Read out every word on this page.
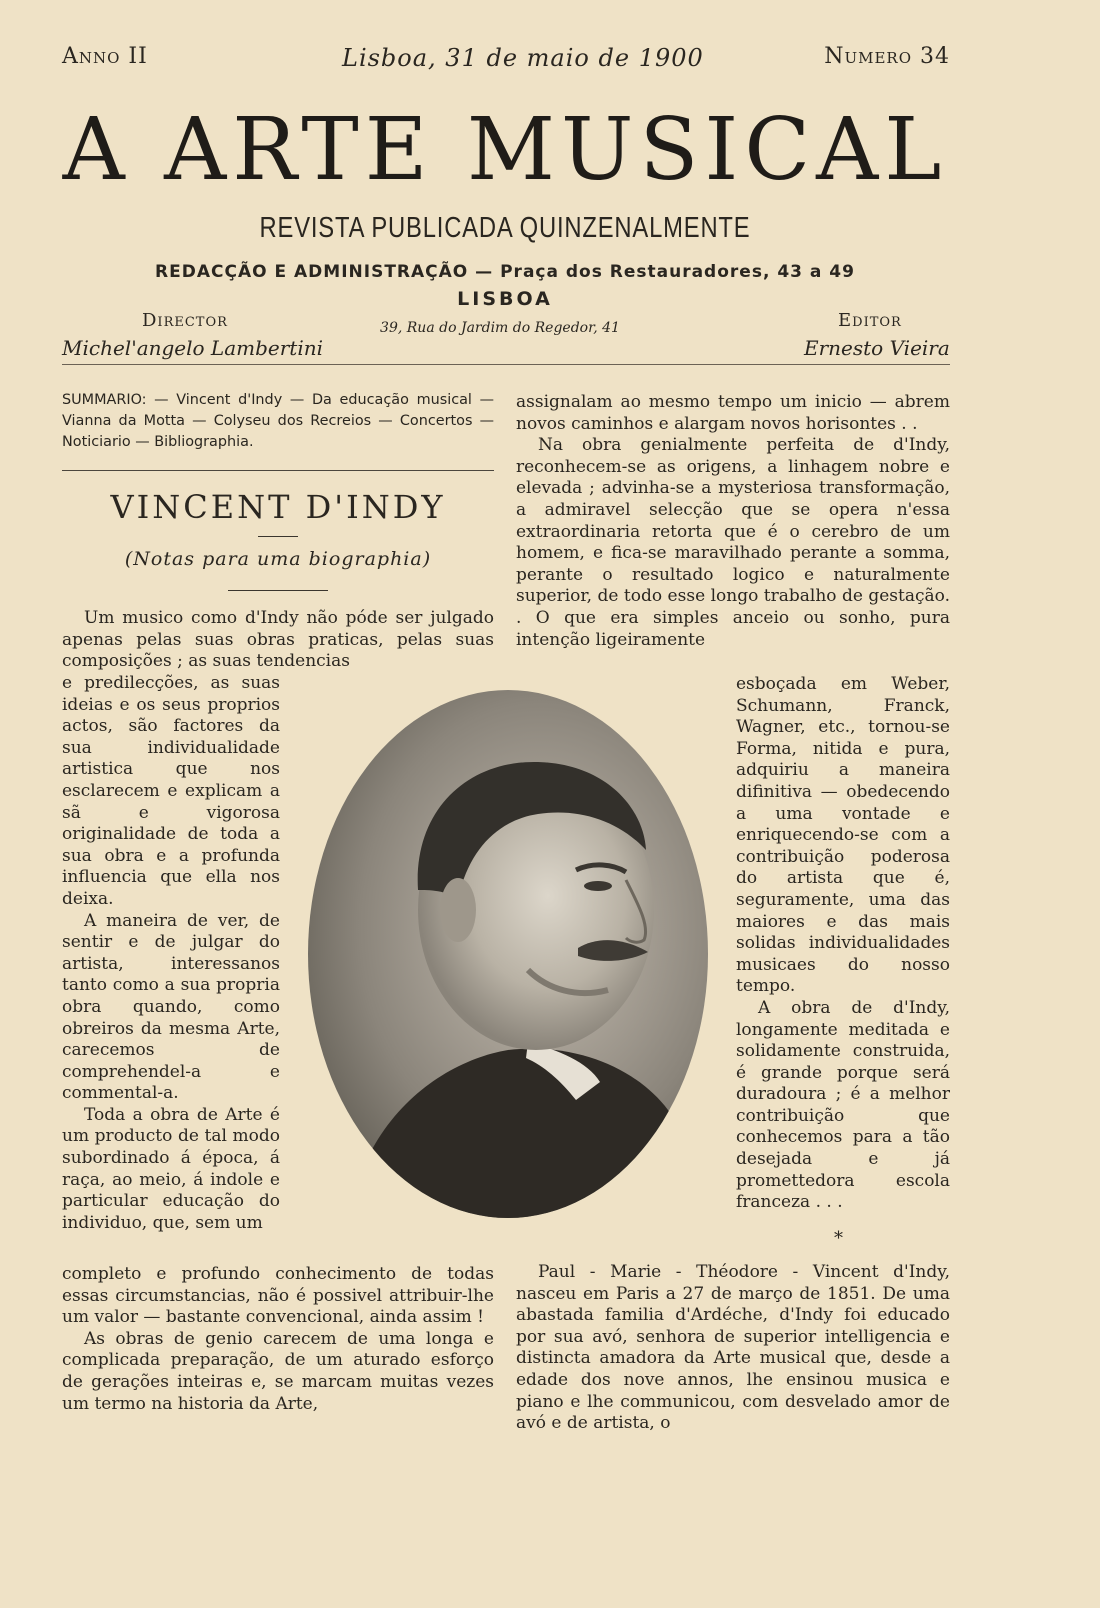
Anno II	Lisboa, 31 de maio de 1900	Numero 34
A ARTE MUSICAL
REVISTA PUBLICADA QUINZENALMENTE
REDACÇÃO E ADMINISTRAÇÃO — Praça dos Restauradores, 43 a 49
LISBOA
39, Rua do Jardim do Regedor, 41
Director
Michel'angelo Lambertini
Editor
Ernesto Vieira
SUMMARIO: — Vincent d'Indy — Da educação musical — Vianna da Motta — Colyseu dos Recreios — Concertos — Noticiario — Bibliographia.
VINCENT D'INDY
(Notas para uma biographia)

Um musico como d'Indy não póde ser julgado apenas pelas suas obras praticas, pelas suas composições ; as suas tendencias

e predilecções, as suas ideias e os seus proprios actos, são factores da sua individualidade artistica que nos esclarecem e explicam a sã e vigorosa originalidade de toda a sua obra e a profunda influencia que ella nos deixa.

A maneira de ver, de sentir e de julgar do artista, interessanos tanto como a sua propria obra quando, como obreiros da mesma Arte, carecemos de comprehendel-a e commental-a.

Toda a obra de Arte é um producto de tal modo subordinado á época, á raça, ao meio, á indole e particular educação do individuo, que, sem um

completo e profundo conhecimento de todas essas circumstancias, não é possivel attribuir-lhe um valor — bastante convencional, ainda assim !

As obras de genio carecem de uma longa e complicada preparação, de um aturado esforço de gerações inteiras e, se marcam muitas vezes um termo na historia da Arte,

assignalam ao mesmo tempo um inicio — abrem novos caminhos e alargam novos horisontes . .

Na obra genialmente perfeita de d'Indy, reconhecem-se as origens, a linhagem nobre e elevada ; advinha-se a mysteriosa transformação, a admiravel selecção que se opera n'essa extraordinaria retorta que é o cerebro de um homem, e fica-se maravilhado perante a somma, perante o resultado logico e naturalmente superior, de todo esse longo trabalho de gestação. . O que era simples anceio ou sonho, pura intenção ligeiramente

esboçada em Weber, Schumann, Franck, Wagner, etc., tornou-se Forma, nitida e pura, adquiriu a maneira difinitiva — obedecendo a uma vontade e enriquecendo-se com a contribuição poderosa do artista que é, seguramente, uma das maiores e das mais solidas individualidades musicaes do nosso tempo.

A obra de d'Indy, longamente meditada e solidamente construida, é grande porque será duradoura ; é a melhor contribuição que conhecemos para a tão desejada e já promettedora escola franceza . . .

*

Paul - Marie - Théodore - Vincent d'Indy, nasceu em Paris a 27 de março de 1851. De uma abastada familia d'Ardéche, d'Indy foi educado por sua avó, senhora de superior intelligencia e distincta amadora da Arte musical que, desde a edade dos nove annos, lhe ensinou musica e piano e lhe communicou, com desvelado amor de avó e de artista, o
